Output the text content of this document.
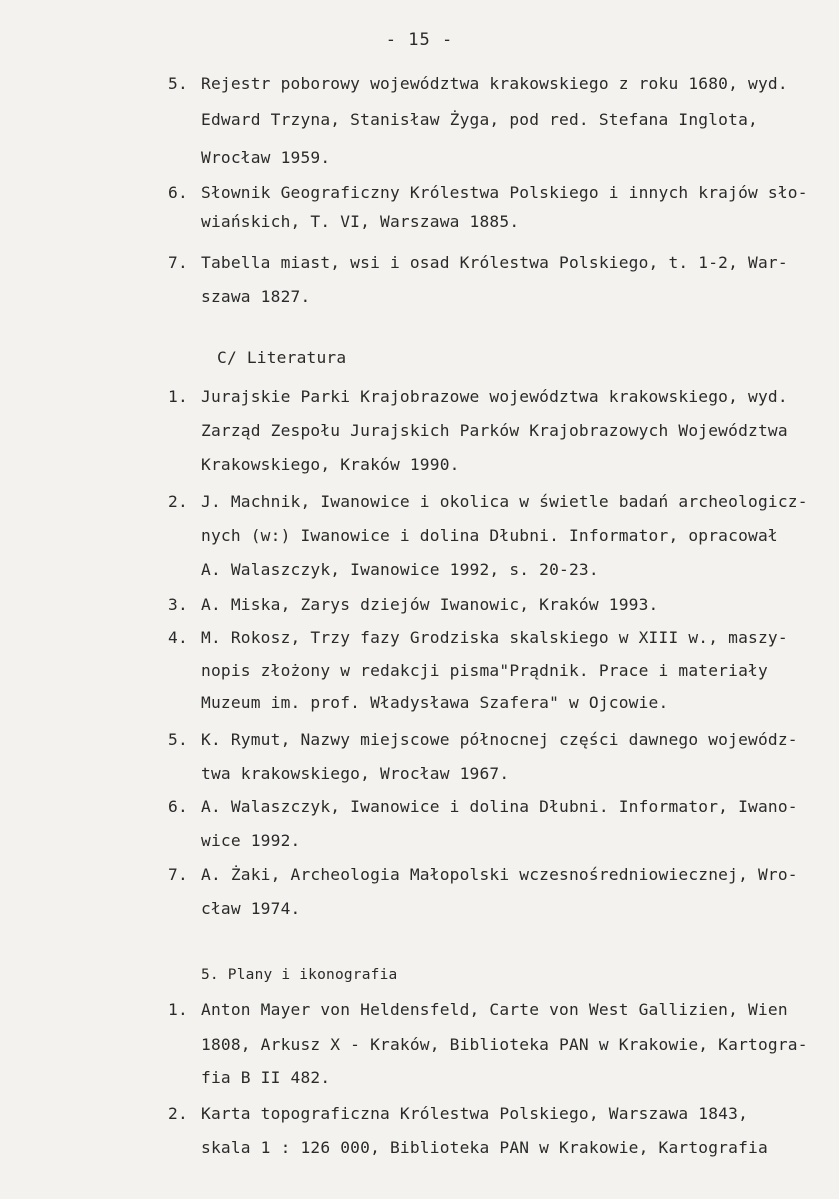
- 15 -
5. Rejestr poborowy województwa krakowskiego z roku 1680, wyd.
Edward Trzyna, Stanisław Żyga, pod red. Stefana Inglota,
Wrocław 1959.
6. Słownik Geograficzny Królestwa Polskiego i innych krajów sło-
wiańskich, T. VI, Warszawa 1885.
7. Tabella miast, wsi i osad Królestwa Polskiego, t. 1-2, War-
szawa 1827.
C/ Literatura
1. Jurajskie Parki Krajobrazowe województwa krakowskiego, wyd.
Zarząd Zespołu Jurajskich Parków Krajobrazowych Województwa
Krakowskiego, Kraków 1990.
2. J. Machnik, Iwanowice i okolica w świetle badań archeologicz-
nych (w:) Iwanowice i dolina Dłubni. Informator, opracował
A. Walaszczyk, Iwanowice 1992, s. 20-23.
3. A. Miska, Zarys dziejów Iwanowic, Kraków 1993.
4. M. Rokosz, Trzy fazy Grodziska skalskiego w XIII w., maszy-
nopis złożony w redakcji pisma"Prądnik. Prace i materiały
Muzeum im. prof. Władysława Szafera" w Ojcowie.
5. K. Rymut, Nazwy miejscowe północnej części dawnego wojewódz-
twa krakowskiego, Wrocław 1967.
6. A. Walaszczyk, Iwanowice i dolina Dłubni. Informator, Iwano-
wice 1992.
7. A. Żaki, Archeologia Małopolski wczesnośredniowiecznej, Wro-
cław 1974.
5. Plany i ikonografia
1. Anton Mayer von Heldensfeld, Carte von West Gallizien, Wien
1808, Arkusz X - Kraków, Biblioteka PAN w Krakowie, Kartogra-
fia B II 482.
2. Karta topograficzna Królestwa Polskiego, Warszawa 1843,
skala 1 : 126 000, Biblioteka PAN w Krakowie, Kartografia
